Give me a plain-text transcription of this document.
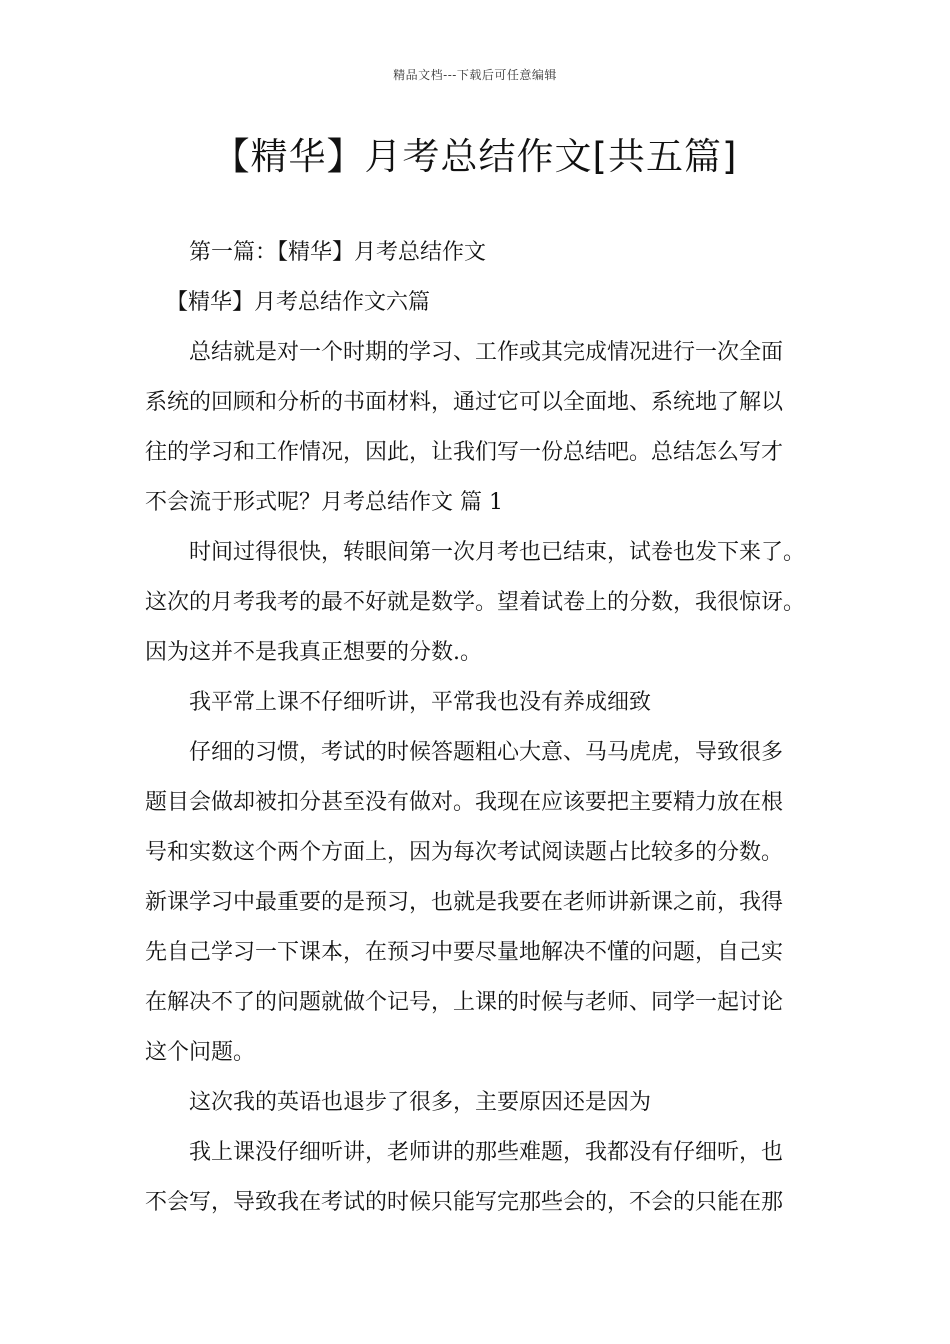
精品文档---下载后可任意编辑
【精华】月考总结作文[共五篇]

第一篇：【精华】月考总结作文

【精华】月考总结作文六篇

总结就是对一个时期的学习、工作或其完成情况进行一次全面
系统的回顾和分析的书面材料，通过它可以全面地、系统地了解以
往的学习和工作情况，因此，让我们写一份总结吧。总结怎么写才
不会流于形式呢？月考总结作文 篇 1

时间过得很快，转眼间第一次月考也已结束，试卷也发下来了。
这次的月考我考的最不好就是数学。望着试卷上的分数，我很惊讶。
因为这并不是我真正想要的分数.。

我平常上课不仔细听讲，平常我也没有养成细致

仔细的习惯，考试的时候答题粗心大意、马马虎虎，导致很多
题目会做却被扣分甚至没有做对。我现在应该要把主要精力放在根
号和实数这个两个方面上，因为每次考试阅读题占比较多的分数。
新课学习中最重要的是预习，也就是我要在老师讲新课之前，我得
先自己学习一下课本，在预习中要尽量地解决不懂的问题，自己实
在解决不了的问题就做个记号，上课的时候与老师、同学一起讨论
这个问题。

这次我的英语也退步了很多，主要原因还是因为

我上课没仔细听讲，老师讲的那些难题，我都没有仔细听，也
不会写，导致我在考试的时候只能写完那些会的，不会的只能在那
